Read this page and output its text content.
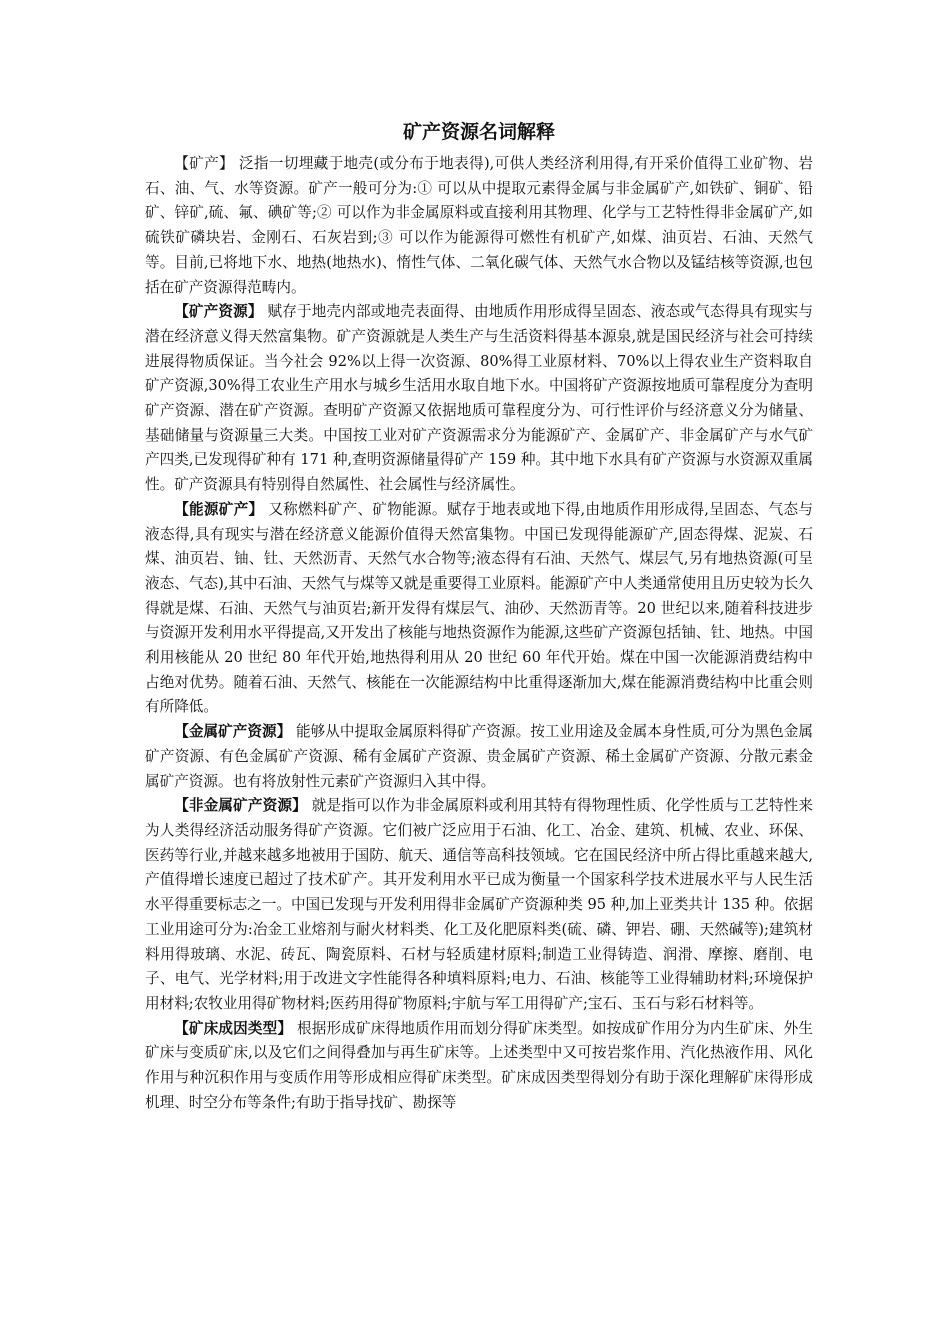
矿产资源名词解释

【矿产】 泛指一切埋藏于地壳(或分布于地表得),可供人类经济利用得,有开采价值得工业矿物、岩石、油、气、水等资源。矿产一般可分为:① 可以从中提取元素得金属与非金属矿产,如铁矿、铜矿、铅矿、锌矿,硫、氟、碘矿等;② 可以作为非金属原料或直接利用其物理、化学与工艺特性得非金属矿产,如硫铁矿磷块岩、金刚石、石灰岩到;③ 可以作为能源得可燃性有机矿产,如煤、油页岩、石油、天然气等。目前,已将地下水、地热(地热水)、惰性气体、二氧化碳气体、天然气水合物以及锰结核等资源,也包括在矿产资源得范畴内。

【矿产资源】 赋存于地壳内部或地壳表面得、由地质作用形成得呈固态、液态或气态得具有现实与潜在经济意义得天然富集物。矿产资源就是人类生产与生活资料得基本源泉,就是国民经济与社会可持续进展得物质保证。当今社会 92%以上得一次资源、80%得工业原材料、70%以上得农业生产资料取自矿产资源,30%得工农业生产用水与城乡生活用水取自地下水。中国将矿产资源按地质可靠程度分为查明矿产资源、潜在矿产资源。查明矿产资源又依据地质可靠程度分为、可行性评价与经济意义分为储量、基础储量与资源量三大类。中国按工业对矿产资源需求分为能源矿产、金属矿产、非金属矿产与水气矿产四类,已发现得矿种有 171 种,查明资源储量得矿产 159 种。其中地下水具有矿产资源与水资源双重属性。矿产资源具有特别得自然属性、社会属性与经济属性。

【能源矿产】 又称燃料矿产、矿物能源。赋存于地表或地下得,由地质作用形成得,呈固态、气态与液态得,具有现实与潜在经济意义能源价值得天然富集物。中国已发现得能源矿产,固态得煤、泥炭、石煤、油页岩、铀、钍、天然沥青、天然气水合物等;液态得有石油、天然气、煤层气,另有地热资源(可呈液态、气态),其中石油、天然气与煤等又就是重要得工业原料。能源矿产中人类通常使用且历史较为长久得就是煤、石油、天然气与油页岩;新开发得有煤层气、油砂、天然沥青等。20 世纪以来,随着科技进步与资源开发利用水平得提高,又开发出了核能与地热资源作为能源,这些矿产资源包括铀、钍、地热。中国利用核能从 20 世纪 80 年代开始,地热得利用从 20 世纪 60 年代开始。煤在中国一次能源消费结构中占绝对优势。随着石油、天然气、核能在一次能源结构中比重得逐渐加大,煤在能源消费结构中比重会则有所降低。

【金属矿产资源】 能够从中提取金属原料得矿产资源。按工业用途及金属本身性质,可分为黑色金属矿产资源、有色金属矿产资源、稀有金属矿产资源、贵金属矿产资源、稀土金属矿产资源、分散元素金属矿产资源。也有将放射性元素矿产资源归入其中得。

【非金属矿产资源】 就是指可以作为非金属原料或利用其特有得物理性质、化学性质与工艺特性来为人类得经济活动服务得矿产资源。它们被广泛应用于石油、化工、冶金、建筑、机械、农业、环保、医药等行业,并越来越多地被用于国防、航天、通信等高科技领域。它在国民经济中所占得比重越来越大,产值得增长速度已超过了技术矿产。其开发利用水平已成为衡量一个国家科学技术进展水平与人民生活水平得重要标志之一。中国已发现与开发利用得非金属矿产资源种类 95 种,加上亚类共计 135 种。依据工业用途可分为:冶金工业熔剂与耐火材料类、化工及化肥原料类(硫、磷、钾岩、硼、天然碱等);建筑材料用得玻璃、水泥、砖瓦、陶瓷原料、石材与轻质建材原料;制造工业得铸造、润滑、摩擦、磨削、电子、电气、光学材料;用于改进文字性能得各种填料原料;电力、石油、核能等工业得辅助材料;环境保护用材料;农牧业用得矿物材料;医药用得矿物原料;宇航与军工用得矿产;宝石、玉石与彩石材料等。

【矿床成因类型】 根据形成矿床得地质作用而划分得矿床类型。如按成矿作用分为内生矿床、外生矿床与变质矿床,以及它们之间得叠加与再生矿床等。上述类型中又可按岩浆作用、汽化热液作用、风化作用与种沉积作用与变质作用等形成相应得矿床类型。矿床成因类型得划分有助于深化理解矿床得形成机理、时空分布等条件;有助于指导找矿、勘探等
